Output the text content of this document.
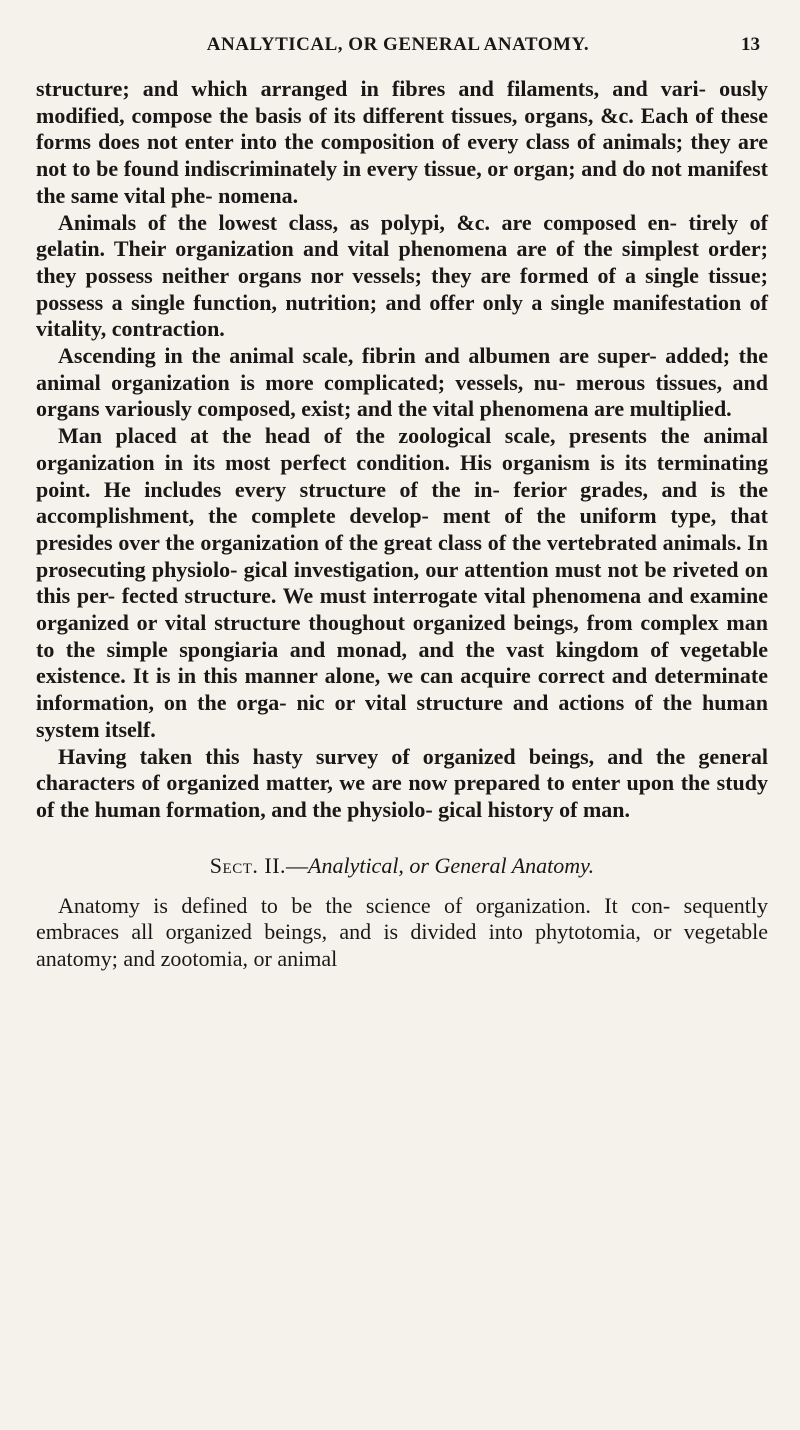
ANALYTICAL, OR GENERAL ANATOMY.	13

structure; and which arranged in fibres and filaments, and vari- ously modified, compose the basis of its different tissues, organs, &c. Each of these forms does not enter into the composition of every class of animals; they are not to be found indiscriminately in every tissue, or organ; and do not manifest the same vital phe- nomena.

Animals of the lowest class, as polypi, &c. are composed en- tirely of gelatin. Their organization and vital phenomena are of the simplest order; they possess neither organs nor vessels; they are formed of a single tissue; possess a single function, nutrition; and offer only a single manifestation of vitality, contraction.

Ascending in the animal scale, fibrin and albumen are super- added; the animal organization is more complicated; vessels, nu- merous tissues, and organs variously composed, exist; and the vital phenomena are multiplied.

Man placed at the head of the zoological scale, presents the animal organization in its most perfect condition. His organism is its terminating point. He includes every structure of the in- ferior grades, and is the accomplishment, the complete develop- ment of the uniform type, that presides over the organization of the great class of the vertebrated animals. In prosecuting physiolo- gical investigation, our attention must not be riveted on this per- fected structure. We must interrogate vital phenomena and examine organized or vital structure thoughout organized beings, from complex man to the simple spongiaria and monad, and the vast kingdom of vegetable existence. It is in this manner alone, we can acquire correct and determinate information, on the orga- nic or vital structure and actions of the human system itself.

Having taken this hasty survey of organized beings, and the general characters of organized matter, we are now prepared to enter upon the study of the human formation, and the physiolo- gical history of man.

Sect. II.—Analytical, or General Anatomy.

Anatomy is defined to be the science of organization. It con- sequently embraces all organized beings, and is divided into phytotomia, or vegetable anatomy; and zootomia, or animal
